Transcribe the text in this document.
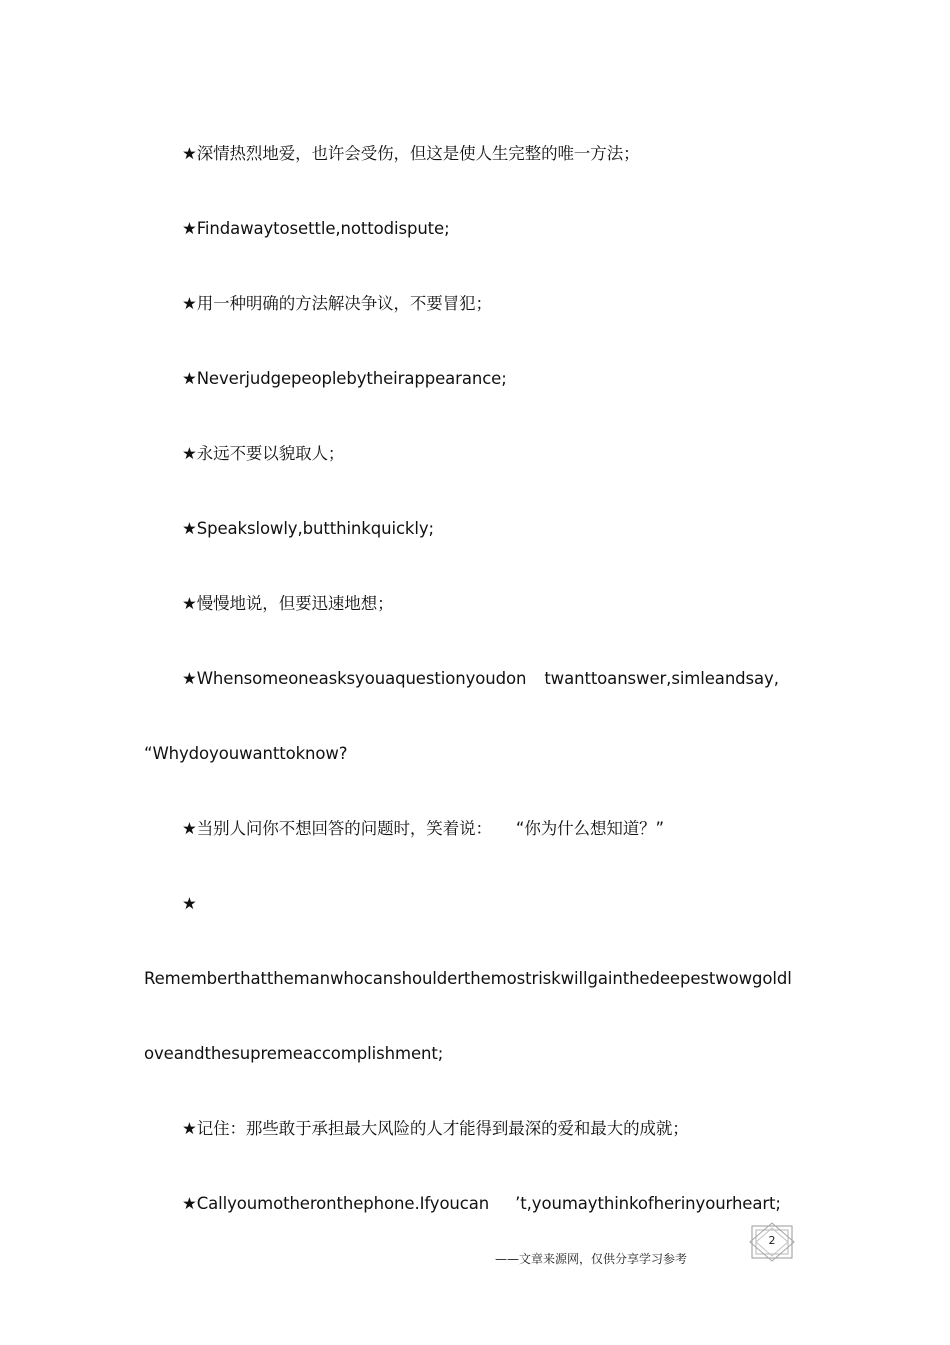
★深情热烈地爱，也许会受伤，但这是使人生完整的唯一方法；
★Findawaytosettle,nottodispute;
★用一种明确的方法解决争议，不要冒犯；
★Neverjudgepeoplebytheirappearance;
★永远不要以貌取人；
★Speakslowly,butthinkquickly;
★慢慢地说，但要迅速地想；
★Whensomeoneasksyouaquestionyoudon twanttoanswer,simleandsay,
“Whydoyouwanttoknow?
★当别人问你不想回答的问题时，笑着说： “你为什么想知道？”
★
Rememberthatthemanwhocanshoulderthemostriskwillgainthedeepestwowgoldl
oveandthesupremeaccomplishment;
★记住：那些敢于承担最大风险的人才能得到最深的爱和最大的成就；
★Callyoumotheronthephone.Ifyoucan ’t,youmaythinkofherinyourheart;
——文章来源网，仅供分享学习参考
2
